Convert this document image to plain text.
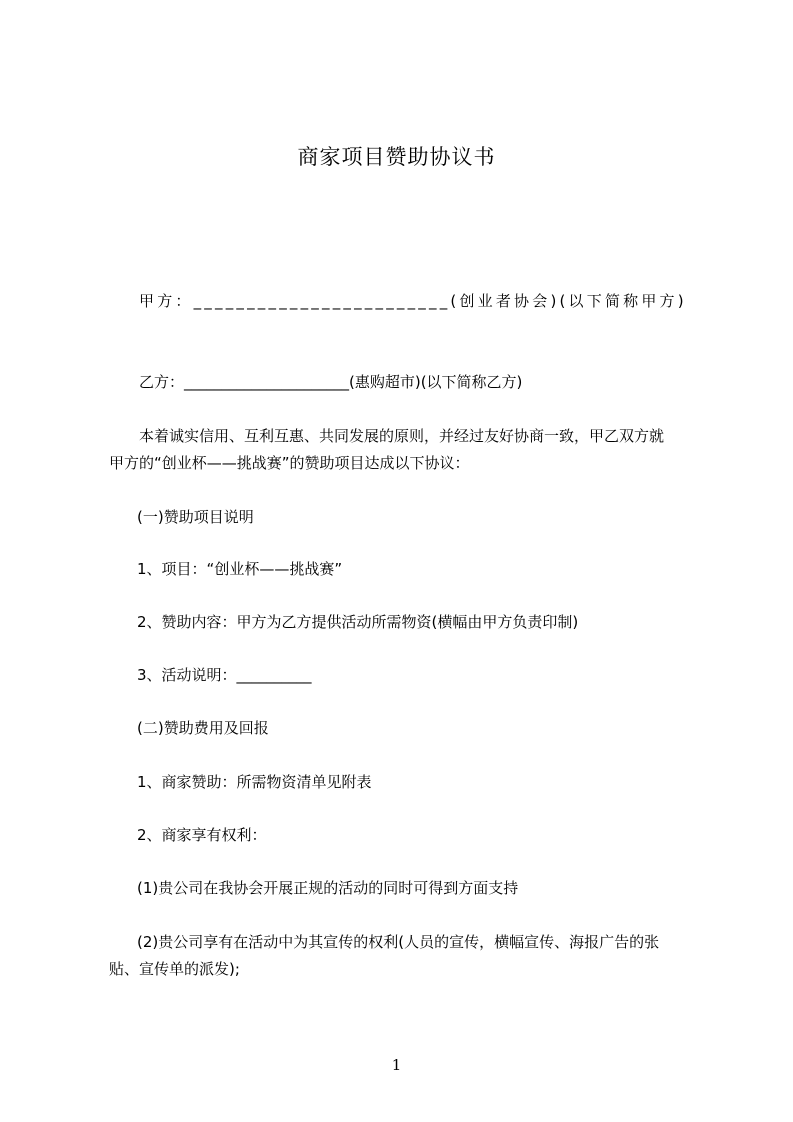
商家项目赞助协议书
甲方：________________________(创业者协会)(以下简称甲方)
乙方：______________________(惠购超市)(以下简称乙方)
本着诚实信用、互利互惠、共同发展的原则，并经过友好协商一致，甲乙双方就
甲方的“创业杯——挑战赛”的赞助项目达成以下协议：
(一)赞助项目说明
1、项目：“创业杯——挑战赛”
2、赞助内容：甲方为乙方提供活动所需物资(横幅由甲方负责印制)
3、活动说明：__________
(二)赞助费用及回报
1、商家赞助：所需物资清单见附表
2、商家享有权利：
(1)贵公司在我协会开展正规的活动的同时可得到方面支持
(2)贵公司享有在活动中为其宣传的权利(人员的宣传，横幅宣传、海报广告的张
贴、宣传单的派发);
1
